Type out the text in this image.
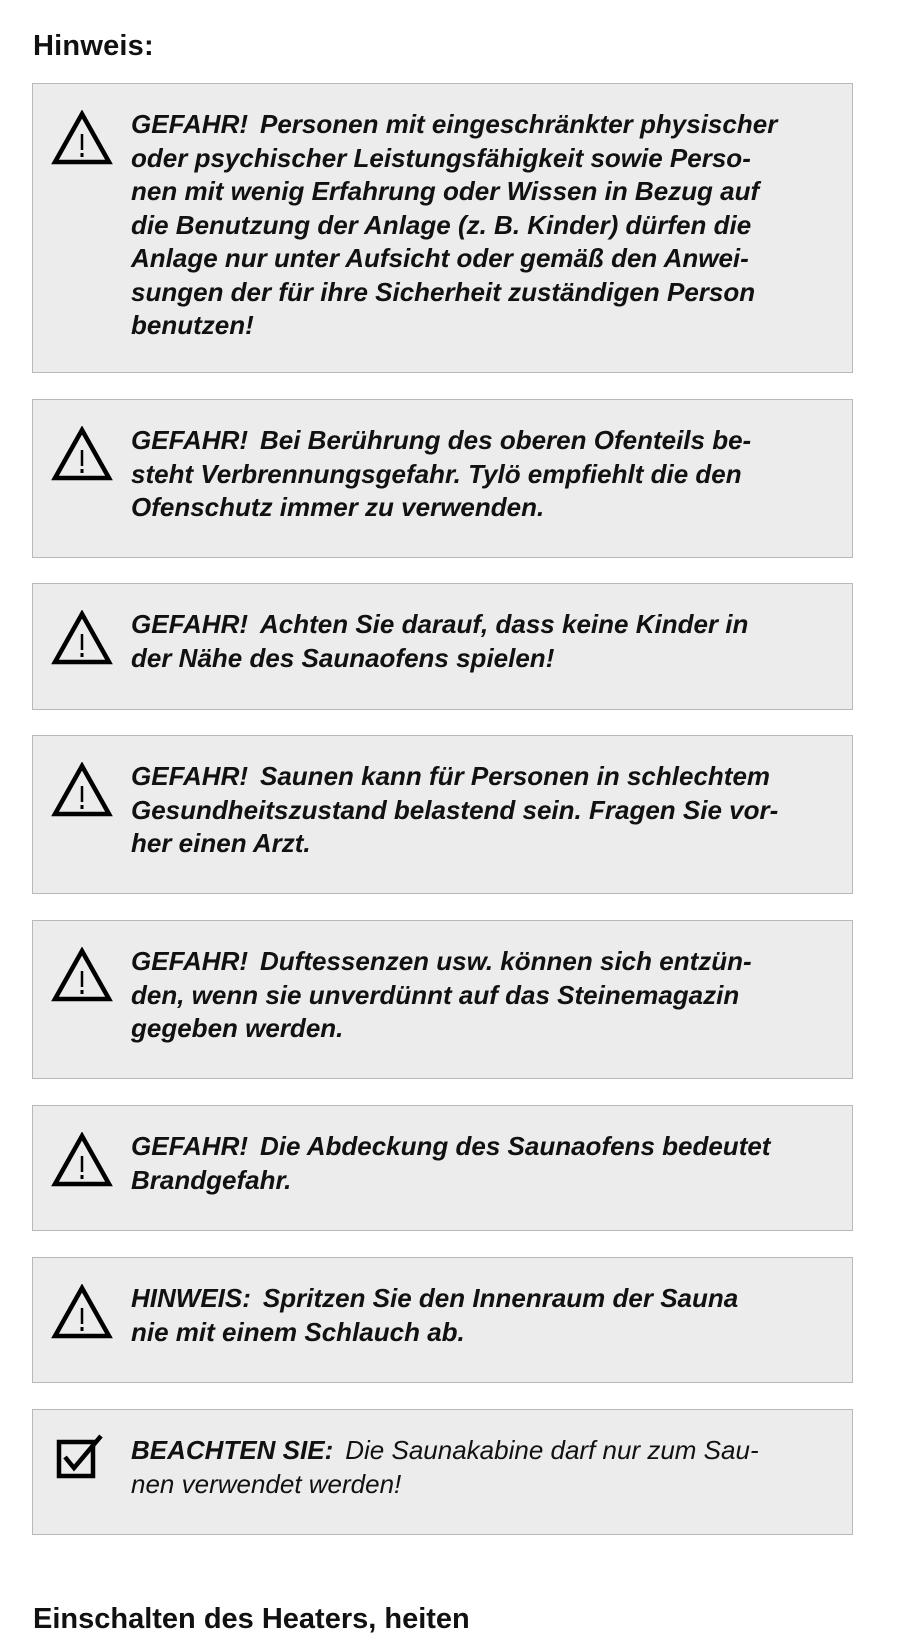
Hinweis:

GEFAHR! Personen mit eingeschränkter physischer
oder psychischer Leistungsfähigkeit sowie Perso-
nen mit wenig Erfahrung oder Wissen in Bezug auf
die Benutzung der Anlage (z. B. Kinder) dürfen die
Anlage nur unter Aufsicht oder gemäß den Anwei-
sungen der für ihre Sicherheit zuständigen Person
benutzen!

GEFAHR! Bei Berührung des oberen Ofenteils be-
steht Verbrennungsgefahr. Tylö empfiehlt die den
Ofenschutz immer zu verwenden.

GEFAHR! Achten Sie darauf, dass keine Kinder in
der Nähe des Saunaofens spielen!

GEFAHR! Saunen kann für Personen in schlechtem
Gesundheitszustand belastend sein. Fragen Sie vor-
her einen Arzt.

GEFAHR! Duftessenzen usw. können sich entzün-
den, wenn sie unverdünnt auf das Steinemagazin
gegeben werden.

GEFAHR! Die Abdeckung des Saunaofens bedeutet
Brandgefahr.

HINWEIS: Spritzen Sie den Innenraum der Sauna
nie mit einem Schlauch ab.

BEACHTEN SIE: Die Saunakabine darf nur zum Sau-
nen verwendet werden!

Einschalten des Heaters, heiten
